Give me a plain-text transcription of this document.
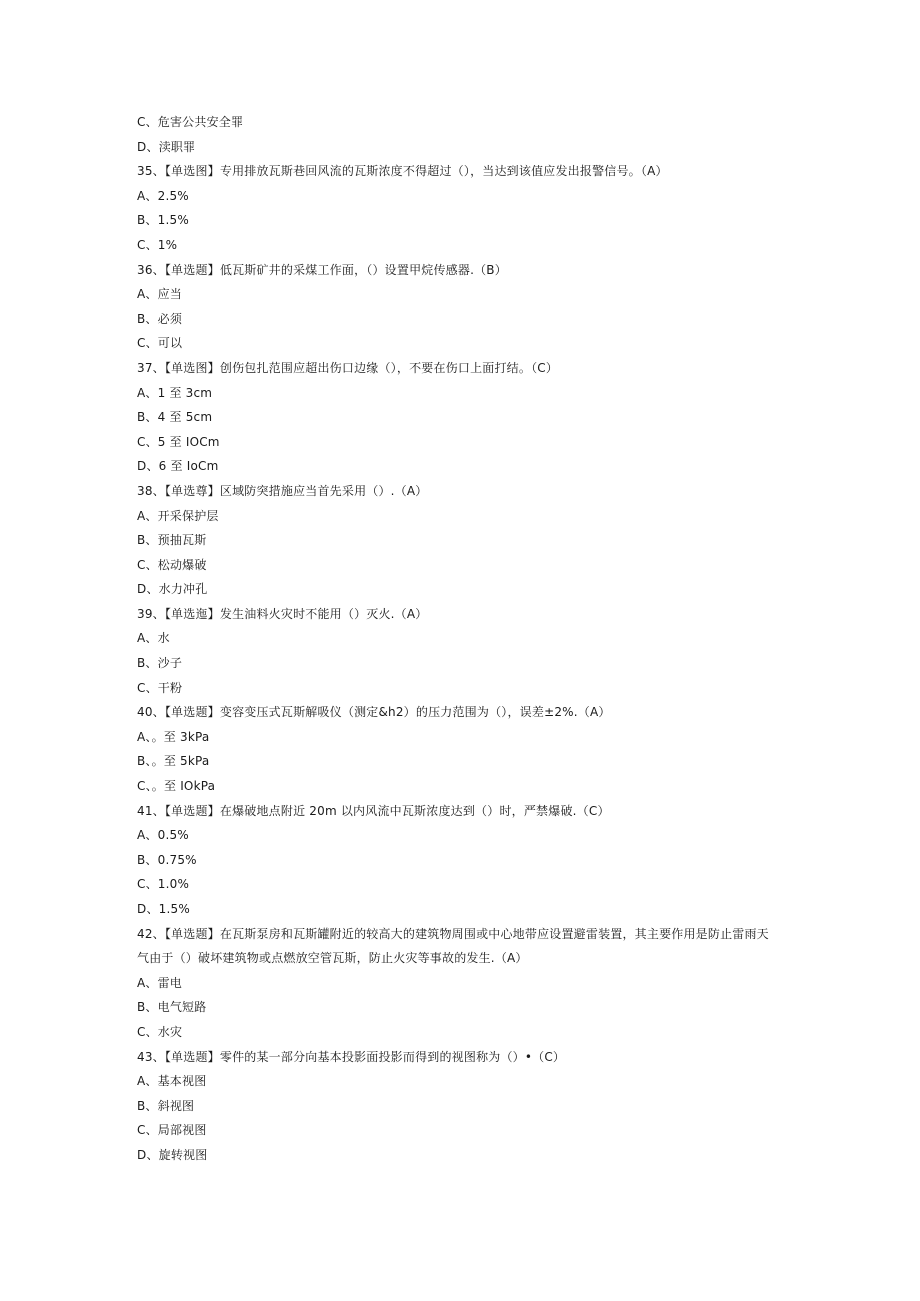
C、危害公共安全罪
D、渎职罪
35、【单选图】专用排放瓦斯巷回风流的瓦斯浓度不得超过（），当达到该值应发出报警信号。（A）
A、2.5%
B、1.5%
C、1%
36、【单选题】低瓦斯矿井的采煤工作面，（）设置甲烷传感器.（B）
A、应当
B、必须
C、可以
37、【单选图】创伤包扎范围应超出伤口边缘（），不要在伤口上面打结。（C）
A、1 至 3cm
B、4 至 5cm
C、5 至 IOCm
D、6 至 IoCm
38、【单选尊】区域防突措施应当首先采用（）.（A）
A、开采保护层
B、预抽瓦斯
C、松动爆破
D、水力冲孔
39、【单选迤】发生油料火灾时不能用（）灭火.（A）
A、水
B、沙子
C、干粉
40、【单选题】变容变压式瓦斯解吸仪（测定&h2）的压力范围为（），误差±2%.（A）
A、。至 3kPa
B、。至 5kPa
C、。至 IOkPa
41、【单选题】在爆破地点附近 20m 以内风流中瓦斯浓度达到（）时，严禁爆破.（C）
A、0.5%
B、0.75%
C、1.0%
D、1.5%
42、【单选题】在瓦斯泵房和瓦斯罐附近的较高大的建筑物周围或中心地带应设置避雷装置，其主要作用是防止雷雨天
气由于（）破坏建筑物或点燃放空管瓦斯，防止火灾等事故的发生.（A）
A、雷电
B、电气短路
C、水灾
43、【单选题】零件的某一部分向基本投影面投影而得到的视图称为（）•（C）
A、基本视图
B、斜视图
C、局部视图
D、旋转视图
